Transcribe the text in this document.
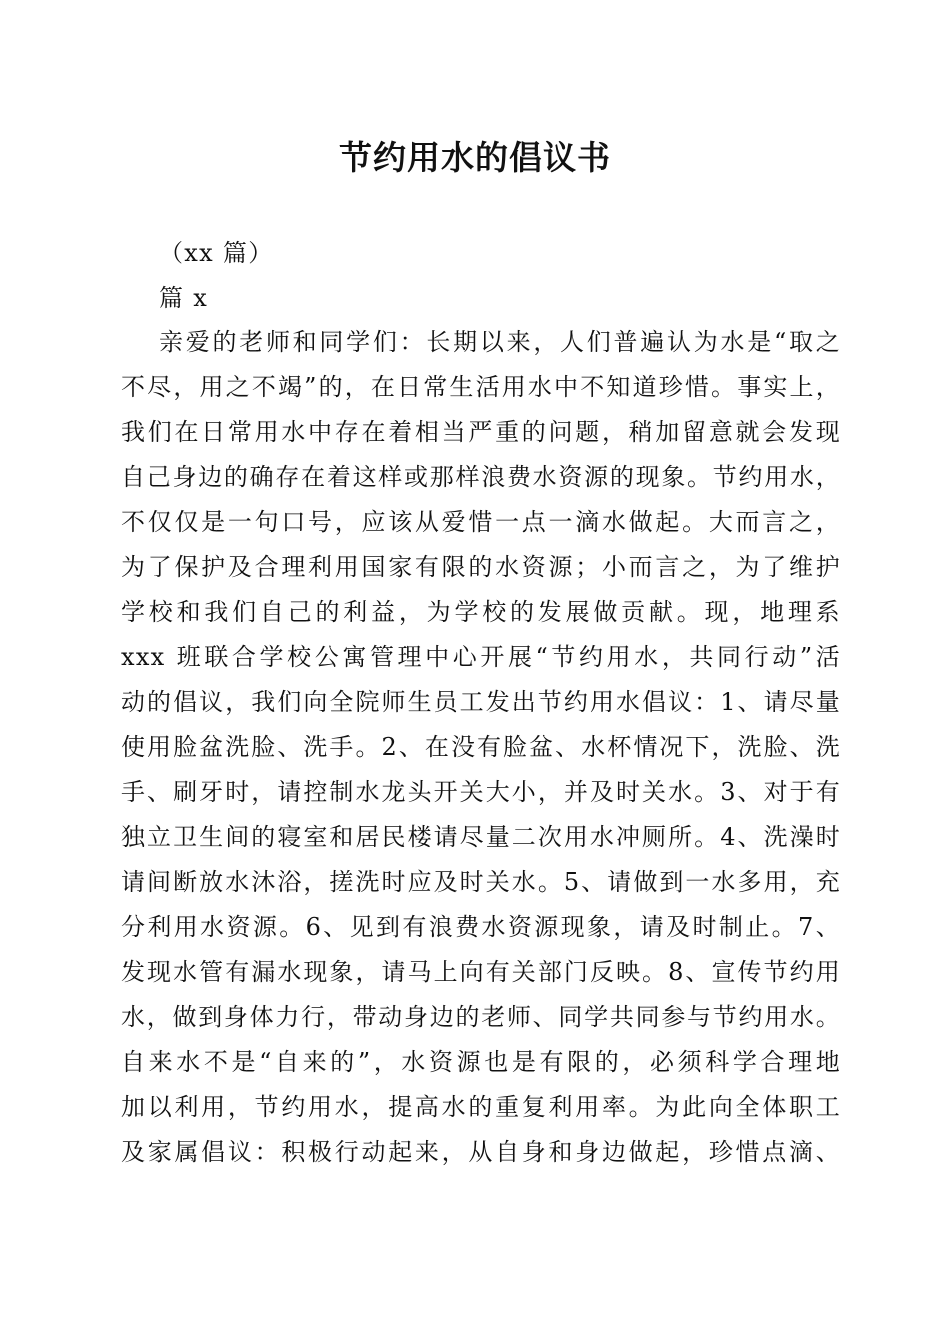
节约用水的倡议书
（xx 篇）
篇 x
亲爱的老师和同学们：长期以来，人们普遍认为水是“取之
不尽，用之不竭”的，在日常生活用水中不知道珍惜。事实上，
我们在日常用水中存在着相当严重的问题，稍加留意就会发现
自己身边的确存在着这样或那样浪费水资源的现象。节约用水，
不仅仅是一句口号，应该从爱惜一点一滴水做起。大而言之，
为了保护及合理利用国家有限的水资源；小而言之，为了维护
学校和我们自己的利益，为学校的发展做贡献。现，地理系
xxx 班联合学校公寓管理中心开展“节约用水，共同行动”活
动的倡议，我们向全院师生员工发出节约用水倡议：1、请尽量
使用脸盆洗脸、洗手。2、在没有脸盆、水杯情况下，洗脸、洗
手、刷牙时，请控制水龙头开关大小，并及时关水。3、对于有
独立卫生间的寝室和居民楼请尽量二次用水冲厕所。4、洗澡时
请间断放水沐浴，搓洗时应及时关水。5、请做到一水多用，充
分利用水资源。6、见到有浪费水资源现象，请及时制止。7、
发现水管有漏水现象，请马上向有关部门反映。8、宣传节约用
水，做到身体力行，带动身边的老师、同学共同参与节约用水。
自来水不是“自来的”，水资源也是有限的，必须科学合理地
加以利用，节约用水，提高水的重复利用率。为此向全体职工
及家属倡议：积极行动起来，从自身和身边做起，珍惜点滴、
